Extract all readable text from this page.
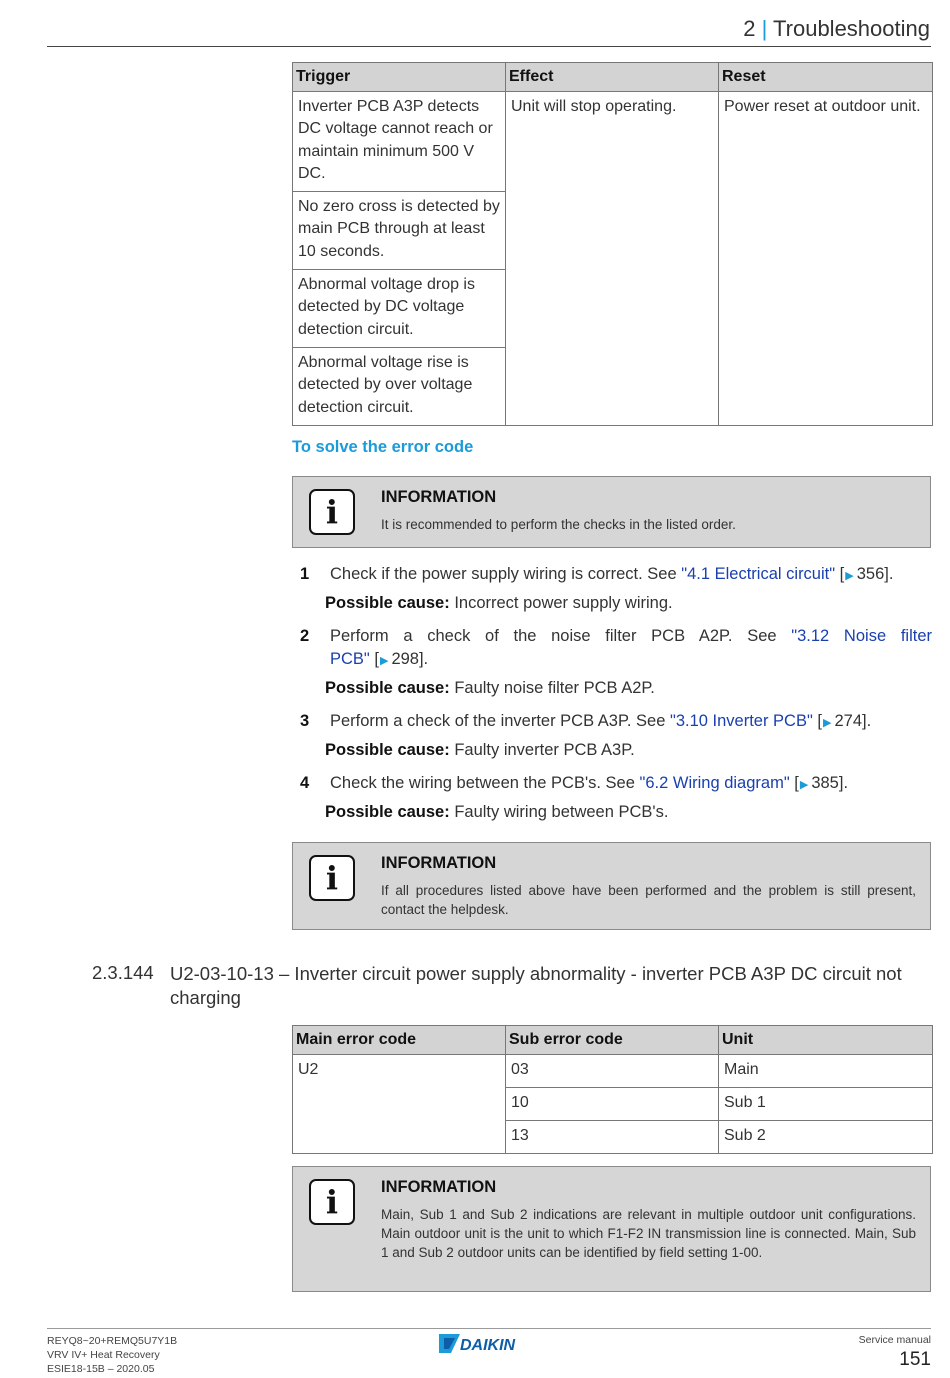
2 | Troubleshooting
Trigger	Effect	Reset
Inverter PCB A3P detects DC voltage cannot reach or maintain minimum 500 V DC.	Unit will stop operating.	Power reset at outdoor unit.
No zero cross is detected by main PCB through at least 10 seconds.		
Abnormal voltage drop is detected by DC voltage detection circuit.		
Abnormal voltage rise is detected by over voltage detection circuit.		
To solve the error code
i	INFORMATION
It is recommended to perform the checks in the listed order.
1 Check if the power supply wiring is correct. See "4.1 Electrical circuit" [▶ 356].
Possible cause: Incorrect power supply wiring.
2 Perform a check of the noise filter PCB A2P. See "3.12 Noise filter
PCB" [▶ 298].
Possible cause: Faulty noise filter PCB A2P.
3 Perform a check of the inverter PCB A3P. See "3.10 Inverter PCB" [▶ 274].
Possible cause: Faulty inverter PCB A3P.
4 Check the wiring between the PCB's. See "6.2 Wiring diagram" [▶ 385].
Possible cause: Faulty wiring between PCB's.
i	INFORMATION
If all procedures listed above have been performed and the problem is still present, contact the helpdesk.
2.3.144 U2-03-10-13 – Inverter circuit power supply abnormality - inverter PCB A3P DC circuit not charging
Main error code	Sub error code	Unit
U2	03	Main
	10	Sub 1
	13	Sub 2
i	INFORMATION
Main, Sub 1 and Sub 2 indications are relevant in multiple outdoor unit configurations. Main outdoor unit is the unit to which F1-F2 IN transmission line is connected. Main, Sub 1 and Sub 2 outdoor units can be identified by field setting 1-00.
REYQ8~20+REMQ5U7Y1B
VRV IV+ Heat Recovery
ESIE18-15B – 2020.05
DAIKIN	Service manual
151
